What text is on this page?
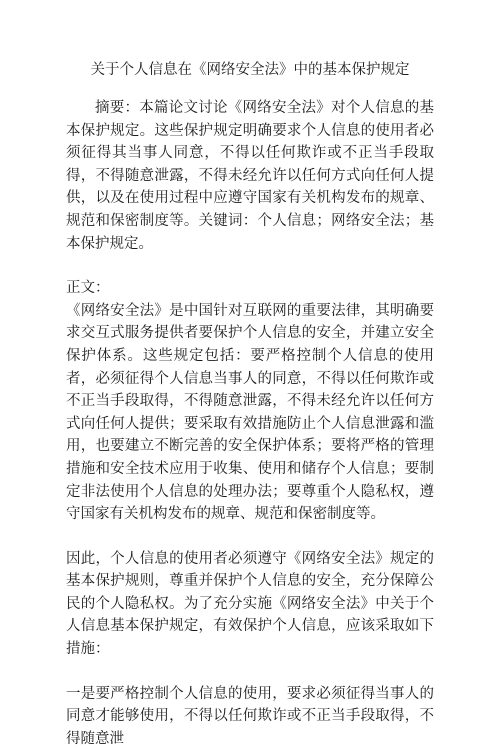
关于个人信息在《网络安全法》中的基本保护规定

摘要：本篇论文讨论《网络安全法》对个人信息的基本保护规定。这些保护规定明确要求个人信息的使用者必须征得其当事人同意，不得以任何欺诈或不正当手段取得，不得随意泄露，不得未经允许以任何方式向任何人提供，以及在使用过程中应遵守国家有关机构发布的规章、规范和保密制度等。关键词：个人信息；网络安全法；基本保护规定。

正文：

《网络安全法》是中国针对互联网的重要法律，其明确要求交互式服务提供者要保护个人信息的安全，并建立安全保护体系。这些规定包括：要严格控制个人信息的使用者，必须征得个人信息当事人的同意，不得以任何欺诈或不正当手段取得，不得随意泄露，不得未经允许以任何方式向任何人提供；要采取有效措施防止个人信息泄露和滥用，也要建立不断完善的安全保护体系；要将严格的管理措施和安全技术应用于收集、使用和储存个人信息；要制定非法使用个人信息的处理办法；要尊重个人隐私权，遵守国家有关机构发布的规章、规范和保密制度等。

因此，个人信息的使用者必须遵守《网络安全法》规定的基本保护规则，尊重并保护个人信息的安全，充分保障公民的个人隐私权。为了充分实施《网络安全法》中关于个人信息基本保护规定，有效保护个人信息，应该采取如下措施：

一是要严格控制个人信息的使用，要求必须征得当事人的同意才能够使用，不得以任何欺诈或不正当手段取得，不得随意泄
